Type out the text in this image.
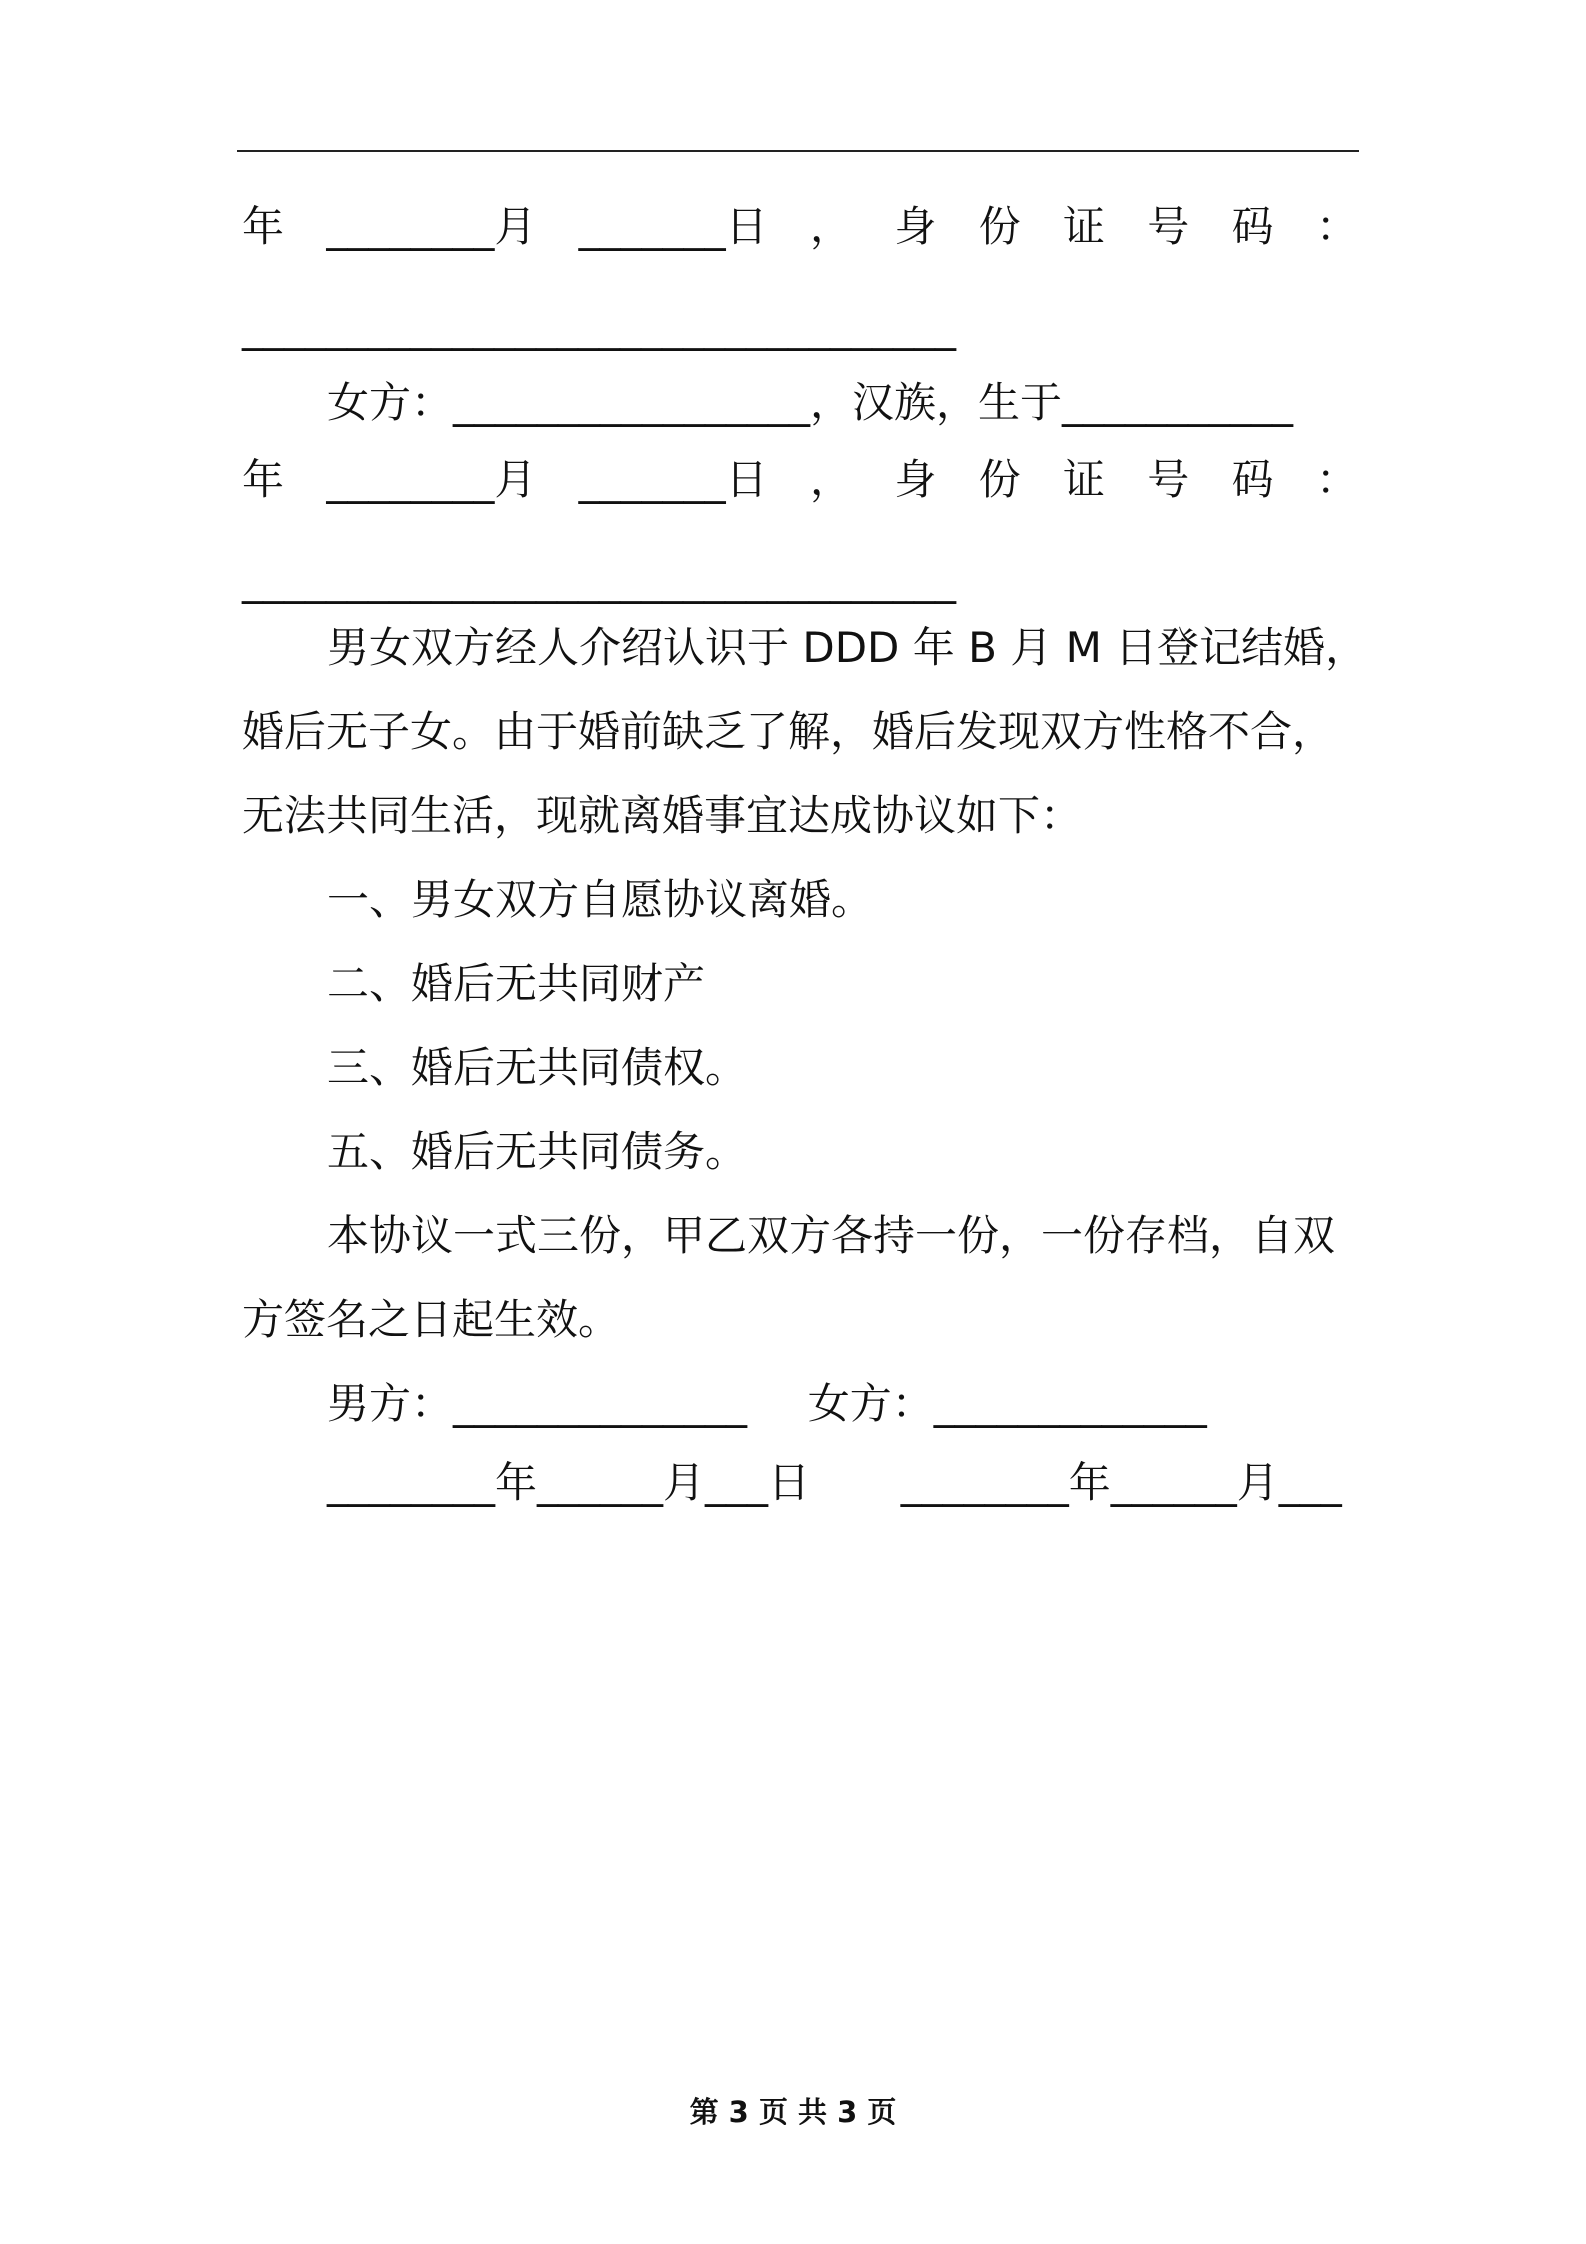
年 ________月 _______日 ， 身 份 证 号 码 ：
__________________________________
女方：_________________，汉族，生于___________
年 ________月 _______日 ， 身 份 证 号 码 ：
__________________________________
男女双方经人介绍认识于 DDD 年 B 月 M 日登记结婚，
婚后无子女。由于婚前缺乏了解，婚后发现双方性格不合，
无法共同生活，现就离婚事宜达成协议如下：
一、男女双方自愿协议离婚。
二、婚后无共同财产
三、婚后无共同债权。
五、婚后无共同债务。
本协议一式三份，甲乙双方各持一份，一份存档，自双
方签名之日起生效。
男方：______________ 女方：_____________
________年______月___日 ________年______月___
第 3 页 共 3 页
